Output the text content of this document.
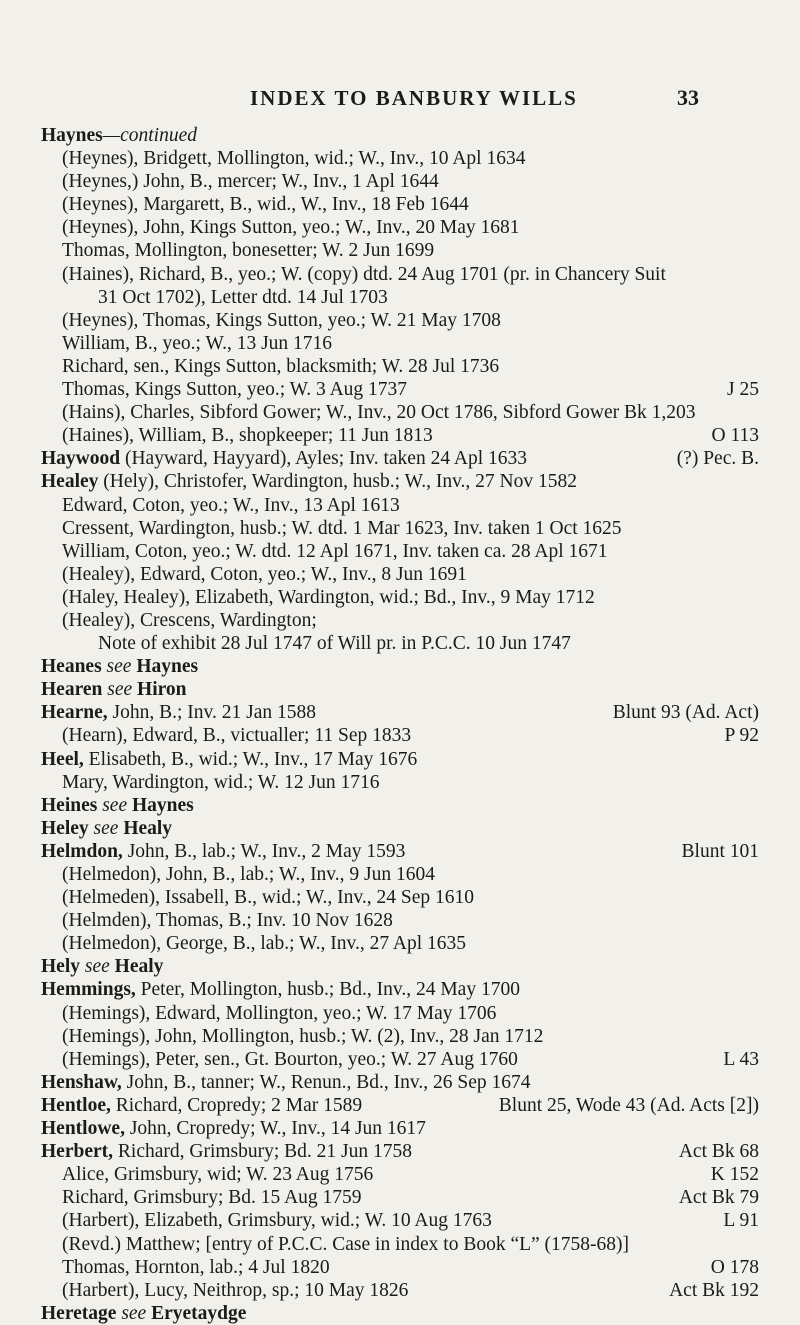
INDEX TO BANBURY WILLS	33
Haynes—continued
(Heynes), Bridgett, Mollington, wid.; W., Inv., 10 Apl 1634
(Heynes,) John, B., mercer; W., Inv., 1 Apl 1644
(Heynes), Margarett, B., wid., W., Inv., 18 Feb 1644
(Heynes), John, Kings Sutton, yeo.; W., Inv., 20 May 1681
Thomas, Mollington, bonesetter; W. 2 Jun 1699
(Haines), Richard, B., yeo.; W. (copy) dtd. 24 Aug 1701 (pr. in Chancery Suit
31 Oct 1702), Letter dtd. 14 Jul 1703
(Heynes), Thomas, Kings Sutton, yeo.; W. 21 May 1708
William, B., yeo.; W., 13 Jun 1716
Richard, sen., Kings Sutton, blacksmith; W. 28 Jul 1736
Thomas, Kings Sutton, yeo.; W. 3 Aug 1737	J 25
(Hains), Charles, Sibford Gower; W., Inv., 20 Oct 1786, Sibford Gower Bk 1,203
(Haines), William, B., shopkeeper; 11 Jun 1813	O 113
Haywood (Hayward, Hayyard), Ayles; Inv. taken 24 Apl 1633	(?) Pec. B.
Healey (Hely), Christofer, Wardington, husb.; W., Inv., 27 Nov 1582
Edward, Coton, yeo.; W., Inv., 13 Apl 1613
Cressent, Wardington, husb.; W. dtd. 1 Mar 1623, Inv. taken 1 Oct 1625
William, Coton, yeo.; W. dtd. 12 Apl 1671, Inv. taken ca. 28 Apl 1671
(Healey), Edward, Coton, yeo.; W., Inv., 8 Jun 1691
(Haley, Healey), Elizabeth, Wardington, wid.; Bd., Inv., 9 May 1712
(Healey), Crescens, Wardington;
Note of exhibit 28 Jul 1747 of Will pr. in P.C.C. 10 Jun 1747
Heanes see Haynes
Hearen see Hiron
Hearne, John, B.; Inv. 21 Jan 1588	Blunt 93 (Ad. Act)
(Hearn), Edward, B., victualler; 11 Sep 1833	P 92
Heel, Elisabeth, B., wid.; W., Inv., 17 May 1676
Mary, Wardington, wid.; W. 12 Jun 1716
Heines see Haynes
Heley see Healy
Helmdon, John, B., lab.; W., Inv., 2 May 1593	Blunt 101
(Helmedon), John, B., lab.; W., Inv., 9 Jun 1604
(Helmeden), Issabell, B., wid.; W., Inv., 24 Sep 1610
(Helmden), Thomas, B.; Inv. 10 Nov 1628
(Helmedon), George, B., lab.; W., Inv., 27 Apl 1635
Hely see Healy
Hemmings, Peter, Mollington, husb.; Bd., Inv., 24 May 1700
(Hemings), Edward, Mollington, yeo.; W. 17 May 1706
(Hemings), John, Mollington, husb.; W. (2), Inv., 28 Jan 1712
(Hemings), Peter, sen., Gt. Bourton, yeo.; W. 27 Aug 1760	L 43
Henshaw, John, B., tanner; W., Renun., Bd., Inv., 26 Sep 1674
Hentloe, Richard, Cropredy; 2 Mar 1589	Blunt 25, Wode 43 (Ad. Acts [2])
Hentlowe, John, Cropredy; W., Inv., 14 Jun 1617
Herbert, Richard, Grimsbury; Bd. 21 Jun 1758	Act Bk 68
Alice, Grimsbury, wid; W. 23 Aug 1756	K 152
Richard, Grimsbury; Bd. 15 Aug 1759	Act Bk 79
(Harbert), Elizabeth, Grimsbury, wid.; W. 10 Aug 1763	L 91
(Revd.) Matthew; [entry of P.C.C. Case in index to Book “L” (1758-68)]
Thomas, Hornton, lab.; 4 Jul 1820	O 178
(Harbert), Lucy, Neithrop, sp.; 10 May 1826	Act Bk 192
Heretage see Eryetaydge
